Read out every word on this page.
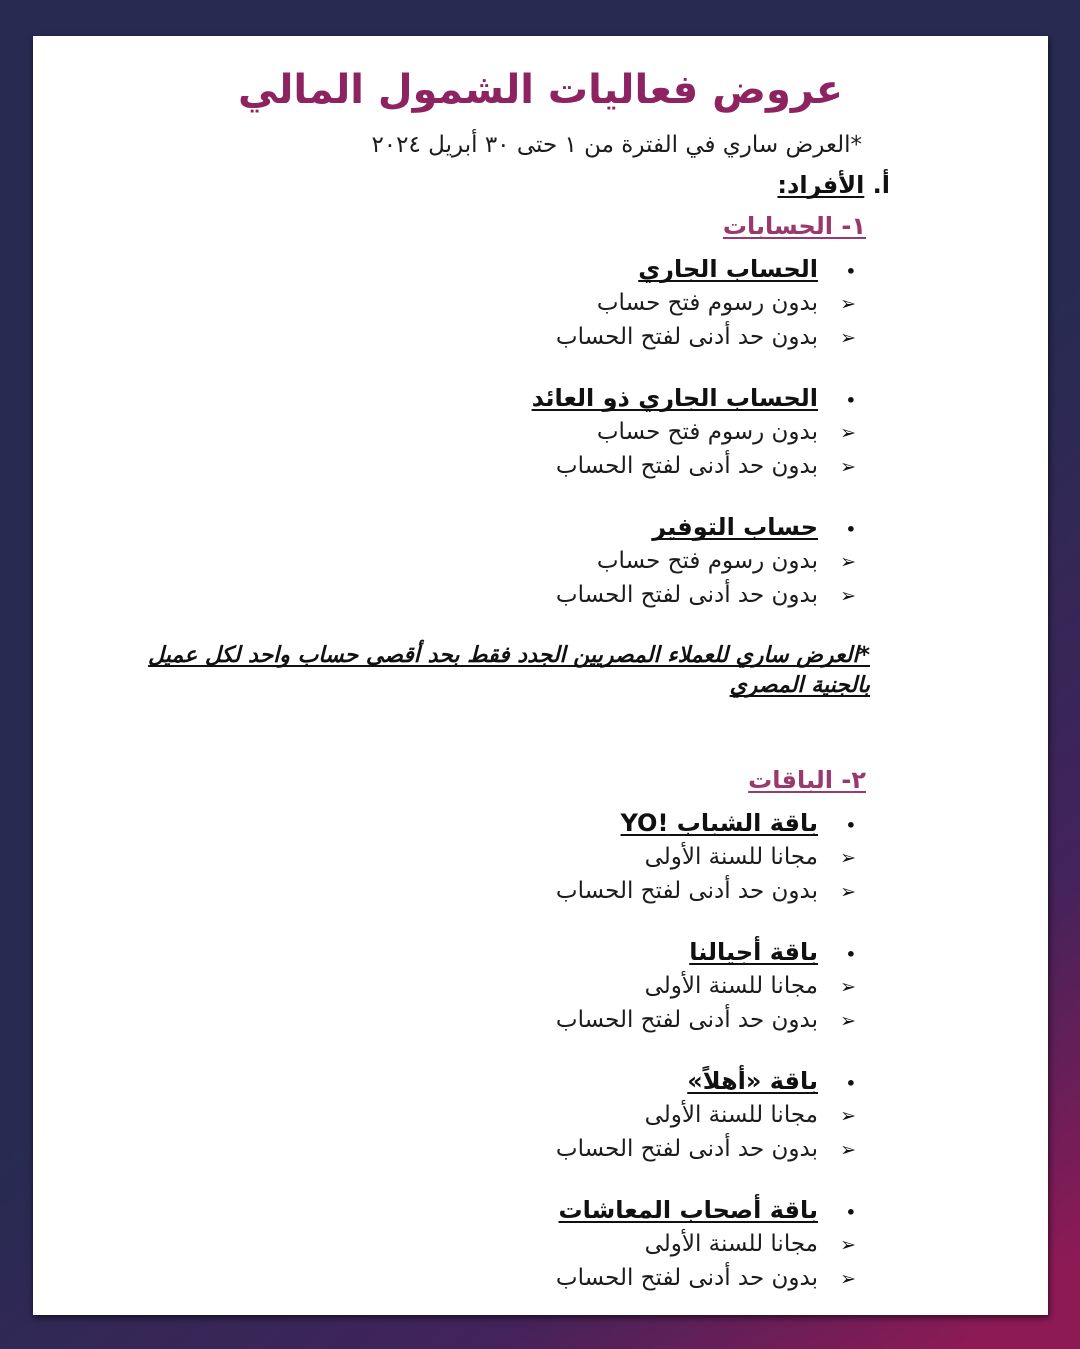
عروض فعاليات الشمول المالي
*العرض ساري في الفترة من ١ حتى ٣٠ أبريل ٢٠٢٤
أ. الأفراد:
١- الحسابات
•
الحساب الجاري
➢
بدون رسوم فتح حساب
➢
بدون حد أدنى لفتح الحساب
•
الحساب الجاري ذو العائد
➢
بدون رسوم فتح حساب
➢
بدون حد أدنى لفتح الحساب
•
حساب التوفير
➢
بدون رسوم فتح حساب
➢
بدون حد أدنى لفتح الحساب
*العرض ساري للعملاء المصريين الجدد فقط بحد أقصى حساب واحد لكل عميل بالجنية المصري
٢- الباقات
•
باقة الشباب YO!‎
➢
مجانا للسنة الأولى
➢
بدون حد أدنى لفتح الحساب
•
باقة أجيالنا
➢
مجانا للسنة الأولى
➢
بدون حد أدنى لفتح الحساب
•
باقة «أهلاً»
➢
مجانا للسنة الأولى
➢
بدون حد أدنى لفتح الحساب
•
باقة أصحاب المعاشات
➢
مجانا للسنة الأولى
➢
بدون حد أدنى لفتح الحساب
